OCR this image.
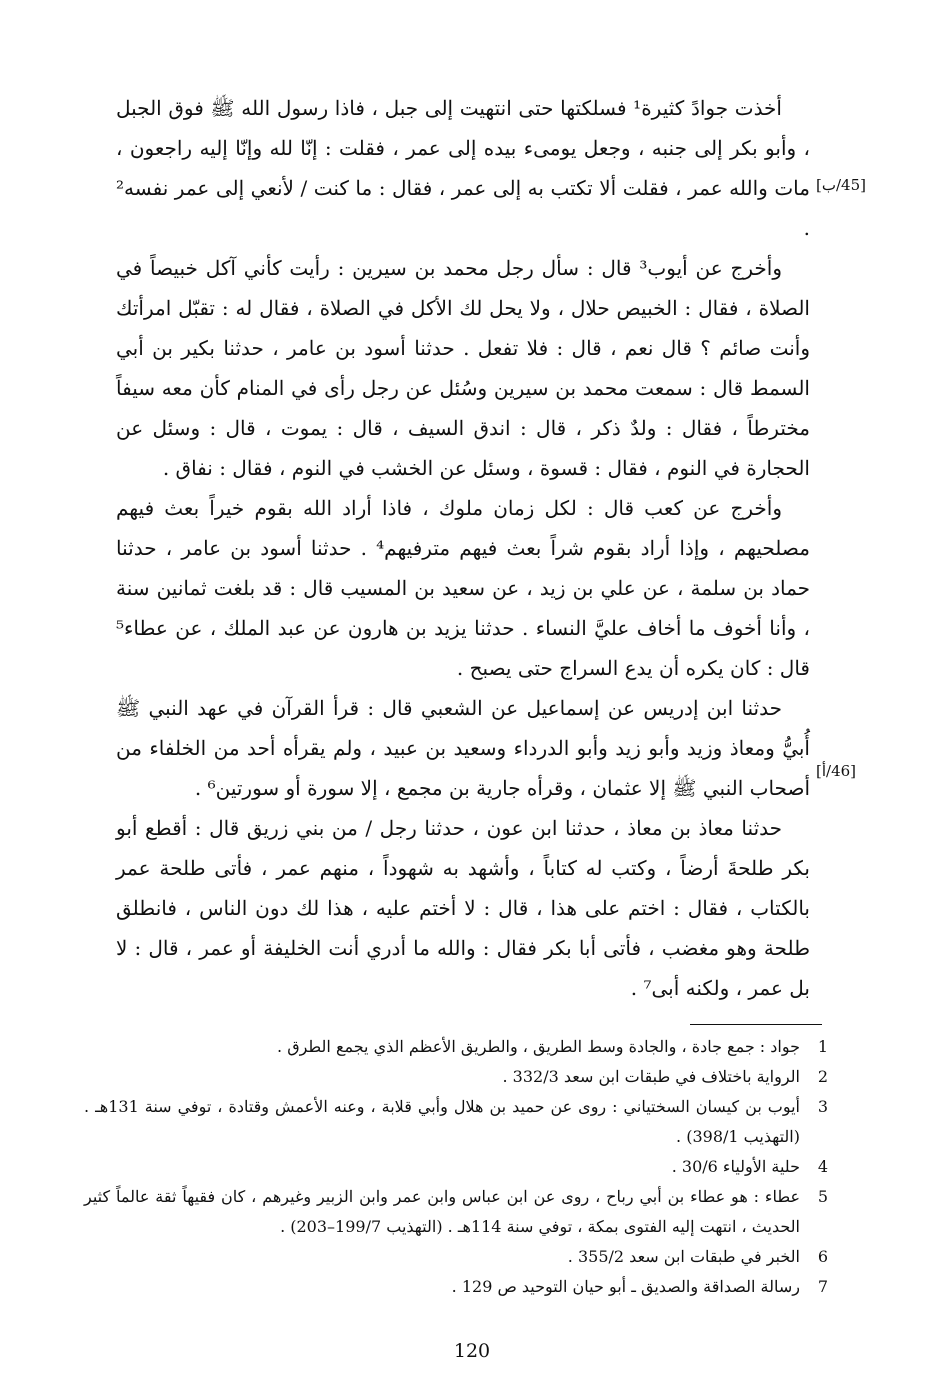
[45/ب]
[46/أ]

أخذت جوادً كثيرة¹ فسلكتها حتى انتهيت إلى جبل ، فاذا رسول الله ﷺ فوق الجبل ، وأبو بكر إلى جنبه ، وجعل يومىء بيده إلى عمر ، فقلت : إنّا لله وإنّا إليه راجعون ، مات والله عمر ، فقلت ألا تكتب به إلى عمر ، فقال : ما كنت / لأنعي إلى عمر نفسه² .

وأخرج عن أيوب³ قال : سأل رجل محمد بن سيرين : رأيت كأني آكل خبيصاً في الصلاة ، فقال : الخبيص حلال ، ولا يحل لك الأكل في الصلاة ، فقال له : تقبّل امرأتك وأنت صائم ؟ قال نعم ، قال : فلا تفعل . حدثنا أسود بن عامر ، حدثنا بكير بن أبي السمط قال : سمعت محمد بن سيرين وسُئل عن رجل رأى في المنام كأن معه سيفاً مخترطاً ، فقال : ولدٌ ذكر ، قال : اندق السيف ، قال : يموت ، قال : وسئل عن الحجارة في النوم ، فقال : قسوة ، وسئل عن الخشب في النوم ، فقال : نفاق .

وأخرج عن كعب قال : لكل زمان ملوك ، فاذا أراد الله بقوم خيراً بعث فيهم مصلحيهم ، وإذا أراد بقوم شراً بعث فيهم مترفيهم⁴ . حدثنا أسود بن عامر ، حدثنا حماد بن سلمة ، عن علي بن زيد ، عن سعيد بن المسيب قال : قد بلغت ثمانين سنة ، وأنا أخوف ما أخاف عليَّ النساء . حدثنا يزيد بن هارون عن عبد الملك ، عن عطاء⁵ قال : كان يكره أن يدع السراج حتى يصبح .

حدثنا ابن إدريس عن إسماعيل عن الشعبي قال : قرأ القرآن في عهد النبي ﷺ أُبيُّ ومعاذ وزيد وأبو زيد وأبو الدرداء وسعيد بن عبيد ، ولم يقرأه أحد من الخلفاء من أصحاب النبي ﷺ إلا عثمان ، وقرأه جارية بن مجمع ، إلا سورة أو سورتين⁶ .

حدثنا معاذ بن معاذ ، حدثنا ابن عون ، حدثنا رجل / من بني زريق قال : أقطع أبو بكر طلحةَ أرضاً ، وكتب له كتاباً ، وأشهد به شهوداً ، منهم عمر ، فأتى طلحة عمر بالكتاب ، فقال : اختم على هذا ، قال : لا أختم عليه ، هذا لك دون الناس ، فانطلق طلحة وهو مغضب ، فأتى أبا بكر فقال : والله ما أدري أنت الخليفة أو عمر ، قال : لا بل عمر ، ولكنه أبى⁷ .

1
جواد : جمع جادة ، والجادة وسط الطريق ، والطريق الأعظم الذي يجمع الطرق .
2
الرواية باختلاف في طبقات ابن سعد 332/3 .
3
أيوب بن كيسان السختياني : روى عن حميد بن هلال وأبي قلابة ، وعنه الأعمش وقتادة ، توفي سنة 131هـ . (التهذيب 398/1) .
4
حلية الأولياء 30/6 .
5
عطاء : هو عطاء بن أبي رباح ، روى عن ابن عباس وابن عمر وابن الزبير وغيرهم ، كان فقيهاً ثقة عالماً كثير الحديث ، انتهت إليه الفتوى بمكة ، توفي سنة 114هـ . (التهذيب 199/7–203) .
6
الخبر في طبقات ابن سعد 355/2 .
7
رسالة الصداقة والصديق ـ أبو حيان التوحيد ص 129 .
120
